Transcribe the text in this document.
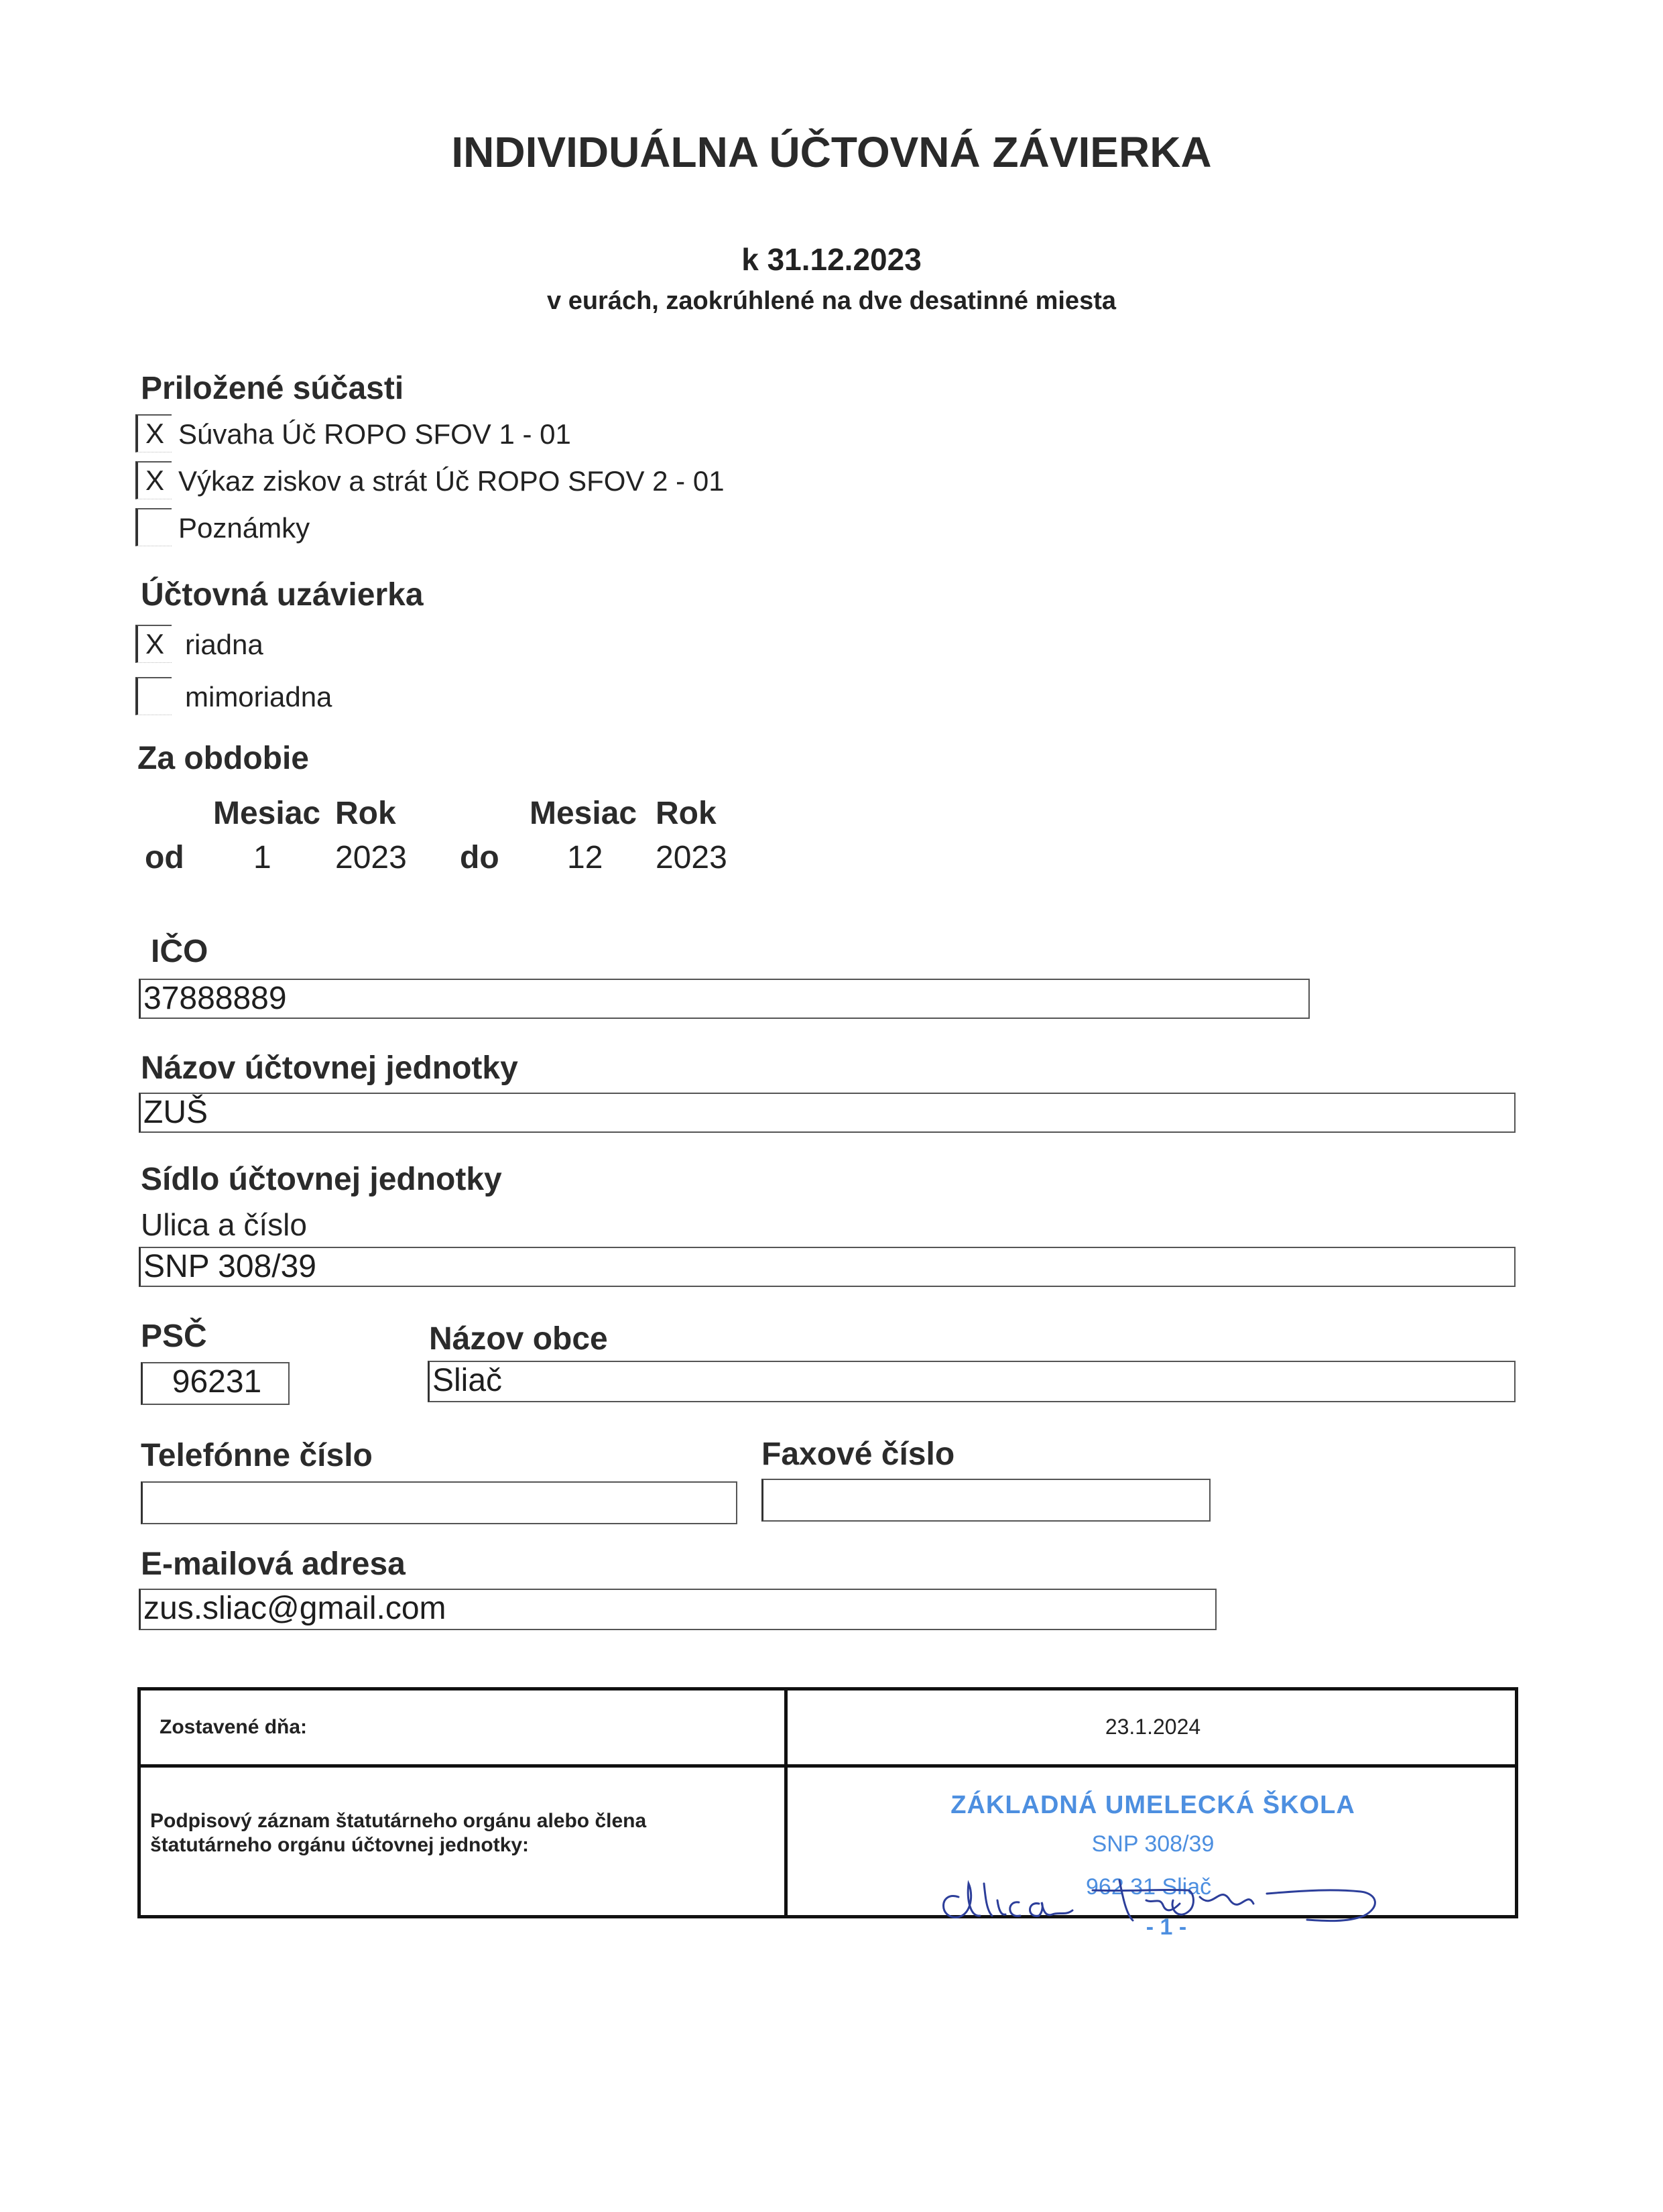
INDIVIDUÁLNA ÚČTOVNÁ ZÁVIERKA
k 31.12.2023
v eurách, zaokrúhlené na dve desatinné miesta
Priložené súčasti
X Súvaha Úč ROPO SFOV 1 - 01
X Výkaz ziskov a strát Úč ROPO SFOV 2 - 01
Poznámky
Účtovná uzávierka
X riadna
mimoriadna
Za obdobie
Mesiac Rok	Mesiac Rok
od 1 2023 do 12 2023
IČO
37888889
Názov účtovnej jednotky
ZUŠ
Sídlo účtovnej jednotky
Ulica a číslo
SNP 308/39
PSČ
96231
Názov obce
Sliač
Telefónne číslo	Faxové číslo
E-mailová adresa
zus.sliac@gmail.com
Zostavené dňa:	23.1.2024
Podpisový záznam štatutárneho orgánu alebo člena
štatutárneho orgánu účtovnej jednotky:
ZÁKLADNÁ UMELECKÁ ŠKOLA
SNP 308/39
962 31 Sliač
- 1 -
